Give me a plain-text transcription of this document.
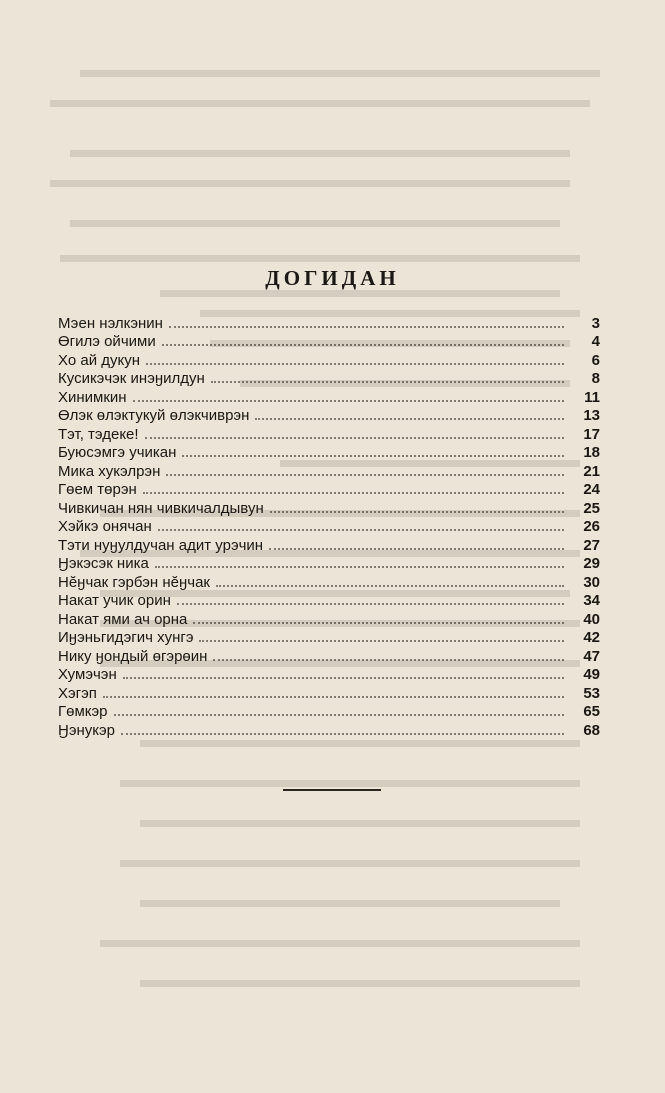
ДОГИДАН
Мэен нэлкэнин	3
Өгилэ ойчими	4
Хо ай дукун	6
Кусикэчэк инэӈилдун	8
Хинимкин	11
Өлэк өлэктукуй өлэкчиврэн	13
Тэт, тэдеке!	17
Буюсэмгэ учикан	18
Мика хукэлрэн	21
Гөем төрэн	24
Чивкичан нян чивкичалдывун	25
Хэйкэ онячан	26
Тэти нуӈулдучан адит урэчин	27
Ӈэкэсэк ника	29
Нӗӈчак гэрбэн нӗӈчак	30
Накат учик орин	34
Накат ями ач орна	40
Иӈэньгидэгич хунгэ	42
Нику ӈондый өгэрөин	47
Хумэчэн	49
Хэгэп	53
Гөмкэр	65
Ӈэнукэр	68
